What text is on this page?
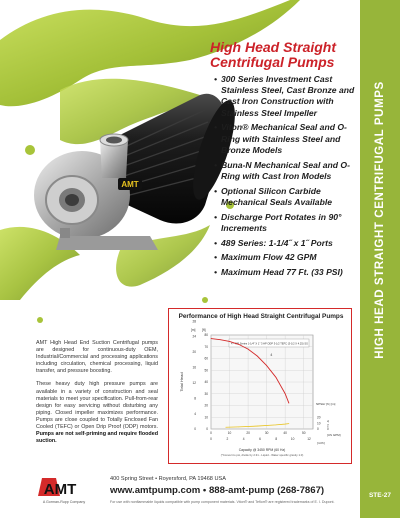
HIGH HEAD STRAIGHT CENTRIFUGAL PUMPS
STE-27
AMT
High Head Straight
Centrifugal Pumps
• 300 Series Investment Cast Stainless Steel, Cast Bronze and Cast Iron Construction with Stainless Steel Impeller
• Viton® Mechanical Seal and O-Ring with Stainless Steel and Bronze Models
• Buna-N Mechanical Seal and O-Ring with Cast Iron Models
• Optional Silicon Carbide Mechanical Seals Available
• Discharge Port Rotates in 90° Increments
• 489 Series: 1-1/4˝ x 1˝ Ports
• Maximum Flow 42 GPM
• Maximum Head 77 Ft. (33 PSI)

AMT High Head End Suction Centrifugal pumps are designed for continuous-duty OEM, Industrial/Commercial and processing applications including circulation, chemical processing, liquid transfer, and pressure boosting.

These heavy duty high pressure pumps are available in a variety of construction and seal materials to meet your specification. Pull-from-rear design for easy servicing without disturbing any piping. Closed impeller maximizes performance. Pumps are close coupled to Totally Enclosed Fan Cooled (TEFC) or Open Drip Proof (ODP) motors. Pumps are not self-priming and require flooded suction.

4 - 489 Series 1-1/4" X 1" 3 HP ODP 3-1/2 TEFC (3-1/2 X 4.25) SS
80
70
60
50
40
30
20
10
0
28
24
20
16
12
8
4
0
0	10	20	30	40	50
0	2	4	6	8	10	12
20
10
0
4
2
0
4
Total Head
[m] [ft]
NPSHr [ft.] [m]
[US GPM]
[m³/h]
Capacity @ 3450 RPM (60 Hz)
(*Convert to psi, divide by 2.31 - Liquid - Water specific gravity 1.0)
Performance of High Head Straight Centrifugal Pumps
AMT
A Gorman-Rupp Company
400 Spring Street • Royersford, PA 19468 USA
www.amtpump.com • 888-amt-pump (268-7867)
For use with nonflammable liquids compatible with pump component materials. Viton® and Teflon® are registered trademarks of E. I. Dupont.
